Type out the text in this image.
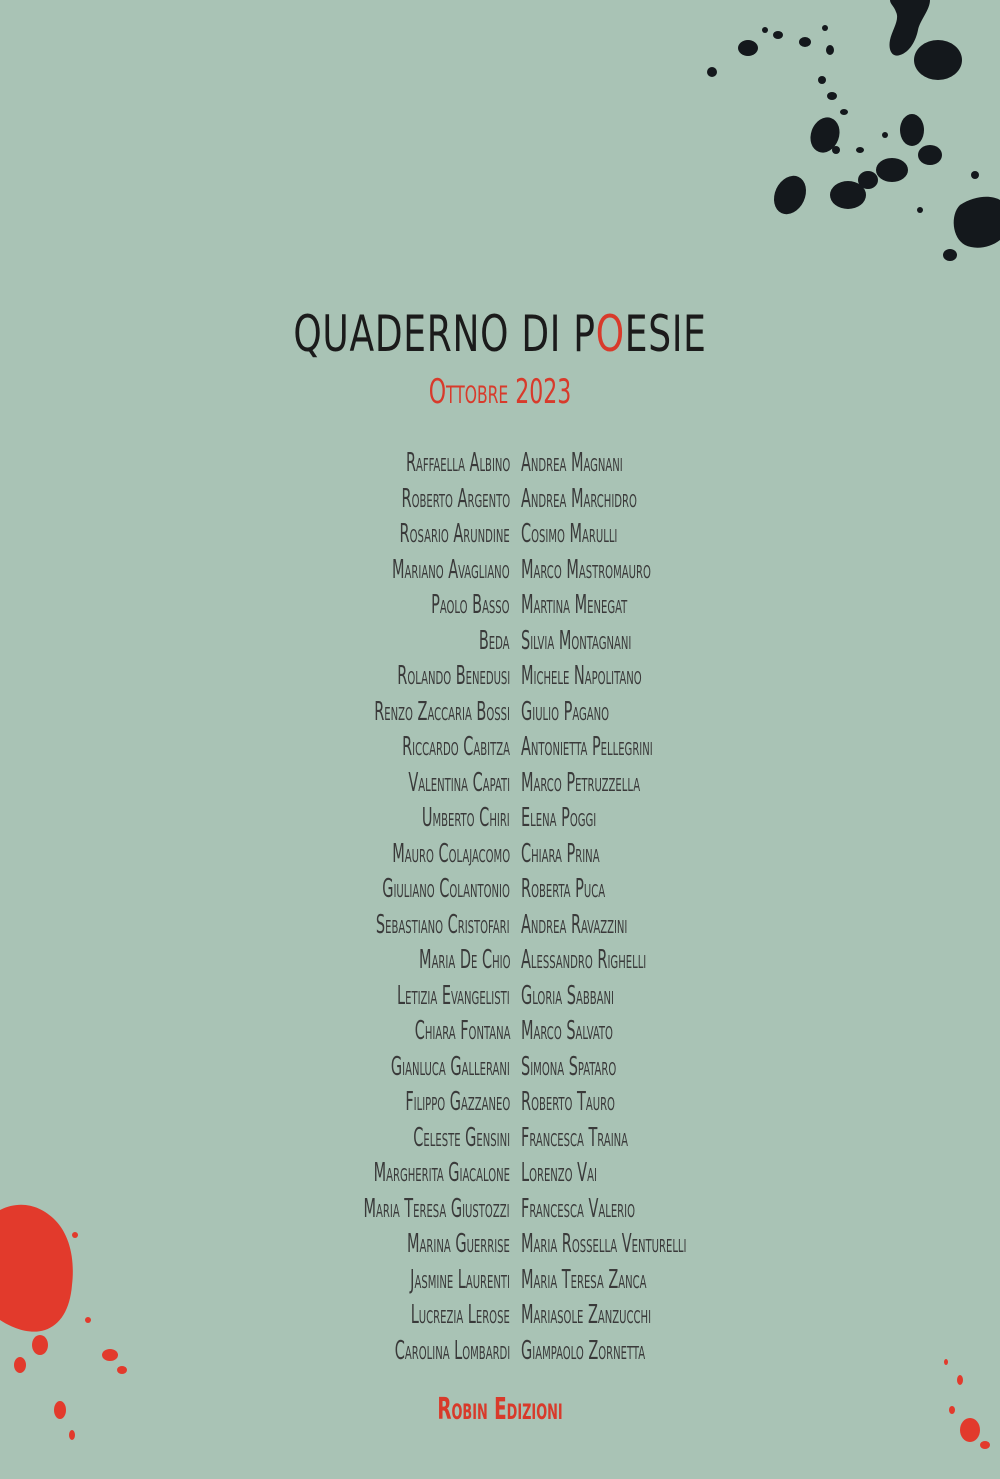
QUADERNO DI POESIE
Ottobre 2023
Raffaella Albino Andrea Magnani
Roberto Argento Andrea Marchidro
Rosario Arundine Cosimo Marulli
Mariano Avagliano Marco Mastromauro
Paolo Basso Martina Menegat
Beda Silvia Montagnani
Rolando Benedusi Michele Napolitano
Renzo Zaccaria Bossi Giulio Pagano
Riccardo Cabitza Antonietta Pellegrini
Valentina Capati Marco Petruzzella
Umberto Chiri Elena Poggi
Mauro Colajacomo Chiara Prina
Giuliano Colantonio Roberta Puca
Sebastiano Cristofari Andrea Ravazzini
Maria De Chio Alessandro Righelli
Letizia Evangelisti Gloria Sabbani
Chiara Fontana Marco Salvato
Gianluca Gallerani Simona Spataro
Filippo Gazzaneo Roberto Tauro
Celeste Gensini Francesca Traina
Margherita Giacalone Lorenzo Vai
Maria Teresa Giustozzi Francesca Valerio
Marina Guerrise Maria Rossella Venturelli
Jasmine Laurenti Maria Teresa Zanca
Lucrezia Lerose Mariasole Zanzucchi
Carolina Lombardi Giampaolo Zornetta
Robin Edizioni
